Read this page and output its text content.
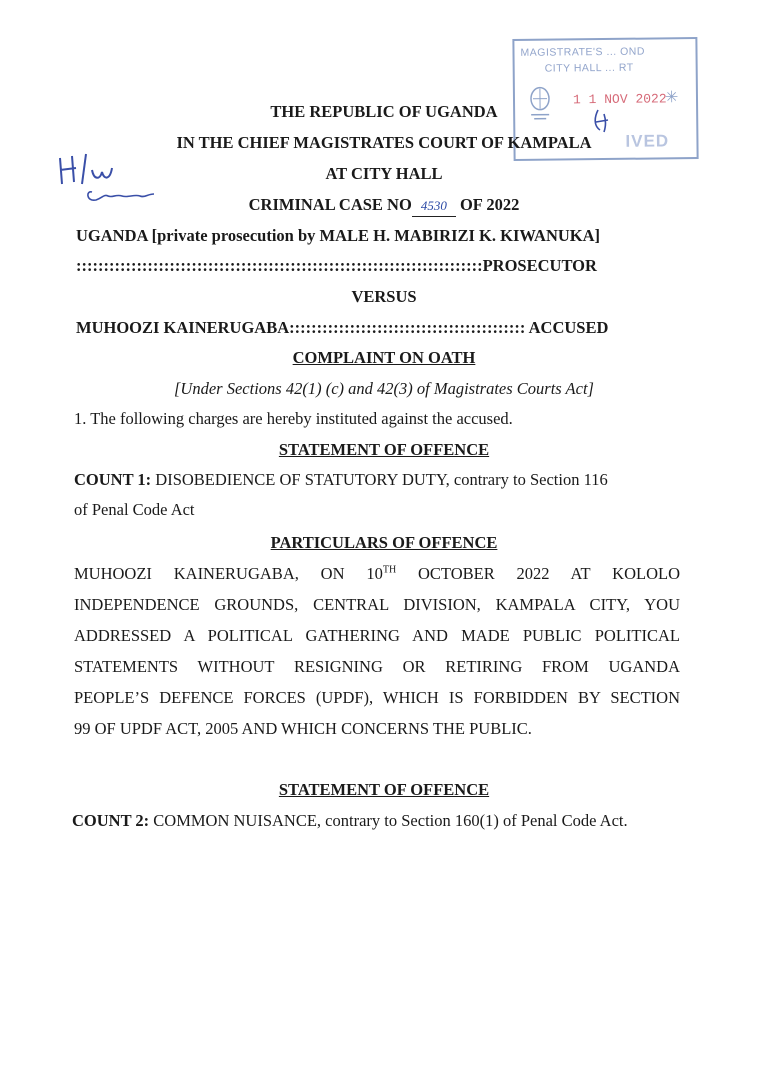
MAGISTRATE'S ... OND
CITY HALL ... RT
1 1 NOV 2022
✳
IVED
THE REPUBLIC OF UGANDA
IN THE CHIEF MAGISTRATES COURT OF KAMPALA
AT CITY HALL
CRIMINAL CASE NO 4530 OF 2022
UGANDA [private prosecution by MALE H. MABIRIZI K. KIWANUKA]
::::::::::::::::::::::::::::::::::::::::::::::::::::::::::::::::::::::::::PROSECUTOR
VERSUS
MUHOOZI KAINERUGABA::::::::::::::::::::::::::::::::::::::::::: ACCUSED
COMPLAINT ON OATH
[Under Sections 42(1) (c) and 42(3) of Magistrates Courts Act]
1. The following charges are hereby instituted against the accused.
STATEMENT OF OFFENCE
COUNT 1: DISOBEDIENCE OF STATUTORY DUTY, contrary to Section 116
of Penal Code Act
PARTICULARS OF OFFENCE
MUHOOZI KAINERUGABA, ON 10TH OCTOBER 2022 AT KOLOLO
INDEPENDENCE GROUNDS, CENTRAL DIVISION, KAMPALA CITY, YOU
ADDRESSED A POLITICAL GATHERING AND MADE PUBLIC POLITICAL
STATEMENTS WITHOUT RESIGNING OR RETIRING FROM UGANDA
PEOPLE’S DEFENCE FORCES (UPDF), WHICH IS FORBIDDEN BY SECTION
99 OF UPDF ACT, 2005 AND WHICH CONCERNS THE PUBLIC.
STATEMENT OF OFFENCE
COUNT 2: COMMON NUISANCE, contrary to Section 160(1) of Penal Code Act.
